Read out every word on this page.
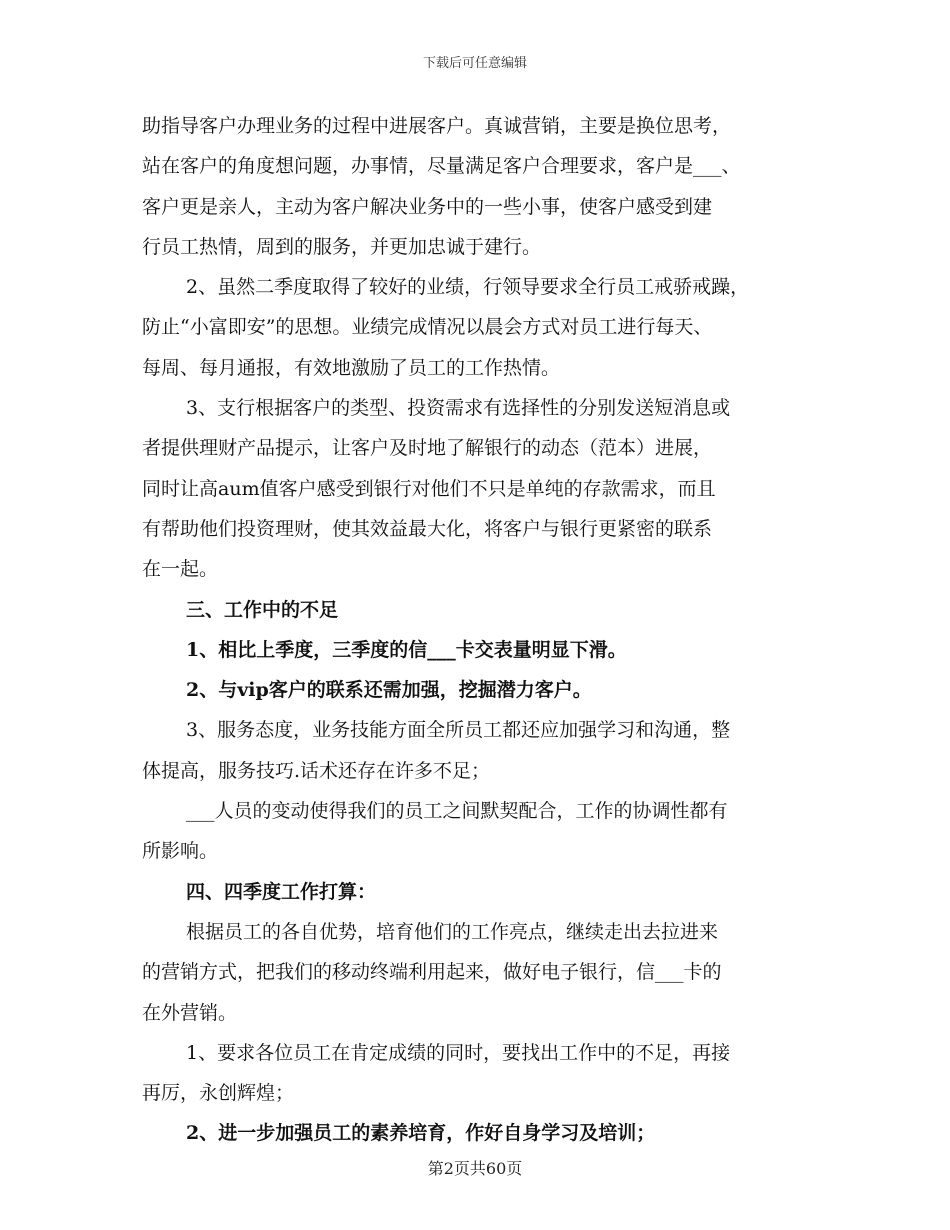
下载后可任意编辑
助指导客户办理业务的过程中进展客户。真诚营销，主要是换位思考，
站在客户的角度想问题，办事情，尽量满足客户合理要求，客户是___、
客户更是亲人，主动为客户解决业务中的一些小事，使客户感受到建
行员工热情，周到的服务，并更加忠诚于建行。
2、虽然二季度取得了较好的业绩，行领导要求全行员工戒骄戒躁，
防止“小富即安”的思想。业绩完成情况以晨会方式对员工进行每天、
每周、每月通报，有效地激励了员工的工作热情。
3、支行根据客户的类型、投资需求有选择性的分别发送短消息或
者提供理财产品提示，让客户及时地了解银行的动态（范本）进展，
同时让高aum值客户感受到银行对他们不只是单纯的存款需求，而且
有帮助他们投资理财，使其效益最大化，将客户与银行更紧密的联系
在一起。
三、工作中的不足
1、相比上季度，三季度的信___卡交表量明显下滑。
2、与vip客户的联系还需加强，挖掘潜力客户。
3、服务态度，业务技能方面全所员工都还应加强学习和沟通，整
体提高，服务技巧.话术还存在许多不足；
___人员的变动使得我们的员工之间默契配合，工作的协调性都有
所影响。
四、四季度工作打算：
根据员工的各自优势，培育他们的工作亮点，继续走出去拉进来
的营销方式，把我们的移动终端利用起来，做好电子银行，信___卡的
在外营销。
1、要求各位员工在肯定成绩的同时，要找出工作中的不足，再接
再厉，永创辉煌；
2、进一步加强员工的素养培育，作好自身学习及培训；
第2页共60页
